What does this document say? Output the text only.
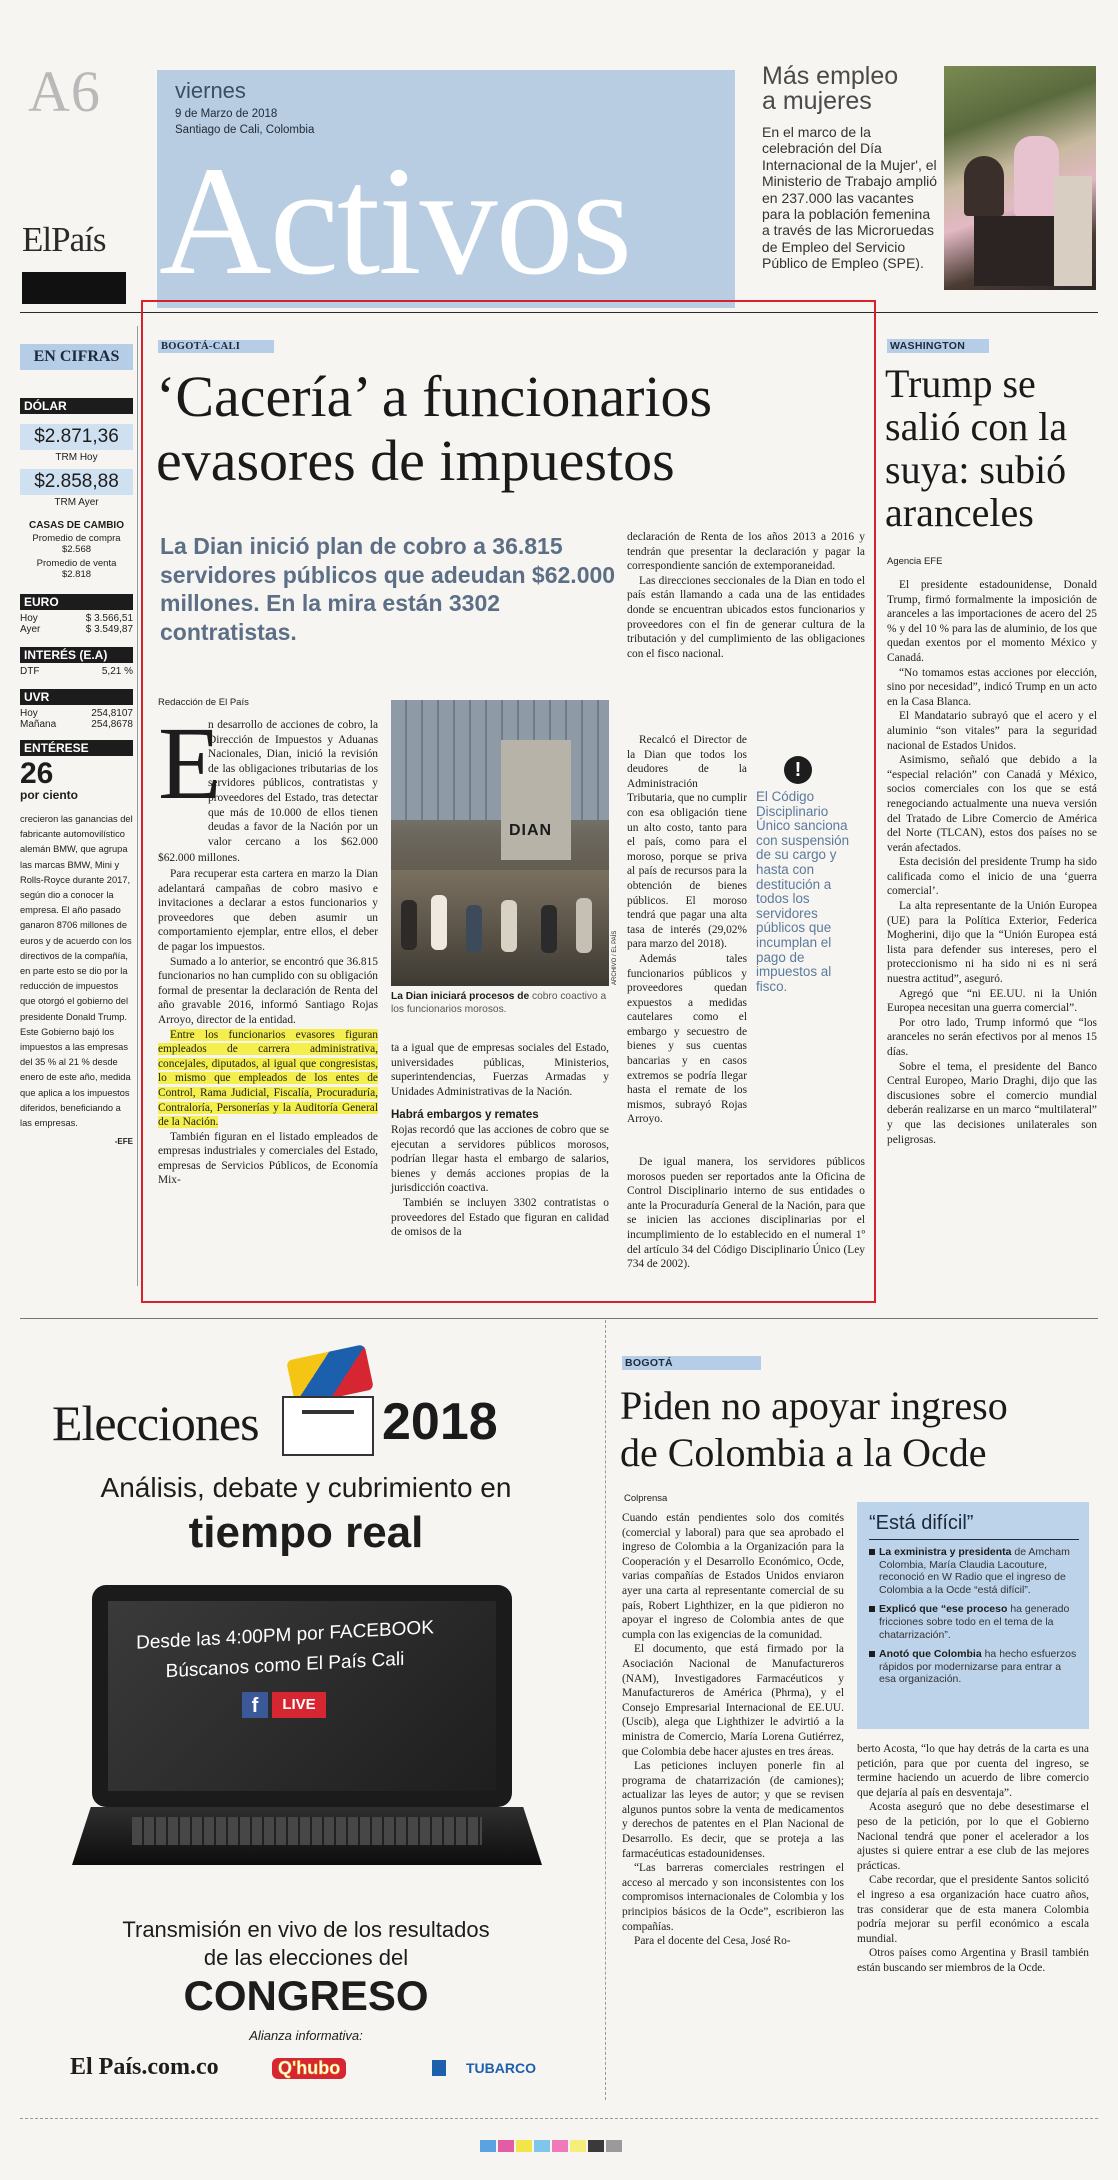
A6
ElPaís
viernes
9 de Marzo de 2018
Santiago de Cali, Colombia
Activos
Más empleo a mujeres
En el marco de la celebración del Día Internacional de la Mujer', el Ministerio de Trabajo amplió en 237.000 las vacantes para la población femenina a través de las Microruedas de Empleo del Servicio Público de Empleo (SPE).
EN CIFRAS
DÓLAR
$2.871,36
TRM Hoy
$2.858,88
TRM Ayer
CASAS DE CAMBIO
Promedio de compra
$2.568
Promedio de venta
$2.818
EURO
Hoy	$ 3.566,51
Ayer	$ 3.549,87
INTERÉS (E.A)
DTF	5,21 %
UVR
Hoy	254,8107
Mañana	254,8678
ENTÉRESE
26
por ciento
crecieron las ganancias del fabricante automovilístico alemán BMW, que agrupa las marcas BMW, Mini y Rolls-Royce durante 2017, según dio a conocer la empresa. El año pasado ganaron 8706 millones de euros y de acuerdo con los directivos de la compañía, en parte esto se dio por la reducción de impuestos que otorgó el gobierno del presidente Donald Trump. Este Gobierno bajó los impuestos a las empresas del 35 % al 21 % desde enero de este año, medida que aplica a los impuestos diferidos, beneficiando a las empresas.
-EFE
BOGOTÁ-CALI
‘Cacería’ a funcionarios
evasores de impuestos
La Dian inició plan de cobro a 36.815 servidores públicos que adeudan $62.000 millones. En la mira están 3302 contratistas.
Redacción de El País
E
n desarrollo de acciones de cobro, la Dirección de Impuestos y Aduanas Nacionales, Dian, inició la revisión de las obligaciones tributarias de los servidores públicos, contratistas y proveedores del Estado, tras detectar que más de 10.000 de ellos tienen deudas a favor de la Nación por un valor cercano a los $62.000

$62.000 millones.

Para recuperar esta cartera en marzo la Dian adelantará campañas de cobro masivo e invitaciones a declarar a estos funcionarios y proveedores que deben asumir un comportamiento ejemplar, entre ellos, el deber de pagar los impuestos.

Sumado a lo anterior, se encontró que 36.815 funcionarios no han cumplido con su obligación formal de presentar la declaración de Renta del año gravable 2016, informó Santiago Rojas Arroyo, director de la entidad.

Entre los funcionarios evasores figuran empleados de carrera administrativa, concejales, diputados, al igual que congresistas, lo mismo que empleados de los entes de Control, Rama Judicial, Fiscalía, Procuraduría, Contraloría, Personerías y la Auditoría General de la Nación.

También figuran en el listado empleados de empresas industriales y comerciales del Estado, empresas de Servicios Públicos, de Economía Mix-

DIAN
ARCHIVO / EL PAÍS
La Dian iniciará procesos de cobro coactivo a los funcionarios morosos.

ta a igual que de empresas sociales del Estado, universidades públicas, Ministerios, superintendencias, Fuerzas Armadas y Unidades Administrativas de la Nación.

Habrá embargos y remates

Rojas recordó que las acciones de cobro que se ejecutan a servidores públicos morosos, podrían llegar hasta el embargo de salarios, bienes y demás acciones propias de la jurisdicción coactiva.

También se incluyen 3302 contratistas o proveedores del Estado que figuran en calidad de omisos de la

declaración de Renta de los años 2013 a 2016 y tendrán que presentar la declaración y pagar la correspondiente sanción de extemporaneidad.

Las direcciones seccionales de la Dian en todo el país están llamando a cada una de las entidades donde se encuentran ubicados estos funcionarios y proveedores con el fin de generar cultura de la tributación y del cumplimiento de las obligaciones con el fisco nacional.

Recalcó el Director de la Dian que todos los deudores de la Administración Tributaria, que no cumplir con esa obligación tiene un alto costo, tanto para el país, como para el moroso, porque se priva al país de recursos para la obtención de bienes públicos. El moroso tendrá que pagar una alta tasa de interés (29,02% para marzo del 2018).

Además tales funcionarios públicos y proveedores quedan expuestos a medidas cautelares como el embargo y secuestro de bienes y sus cuentas bancarias y en casos extremos se podría llegar hasta el remate de los mismos, subrayó Rojas Arroyo.

!
El Código Disciplinario Único sanciona con suspensión de su cargo y hasta con destitución a todos los servidores públicos que incumplan el pago de impuestos al fisco.

De igual manera, los servidores públicos morosos pueden ser reportados ante la Oficina de Control Disciplinario interno de sus entidades o ante la Procuraduría General de la Nación, para que se inicien las acciones disciplinarias por el incumplimiento de lo establecido en el numeral 1º del artículo 34 del Código Disciplinario Único (Ley 734 de 2002).

WASHINGTON
Trump se salió con la suya: subió aranceles
Agencia EFE

El presidente estadounidense, Donald Trump, firmó formalmente la imposición de aranceles a las importaciones de acero del 25 % y del 10 % para las de aluminio, de los que quedan exentos por el momento México y Canadá.

“No tomamos estas acciones por elección, sino por necesidad”, indicó Trump en un acto en la Casa Blanca.

El Mandatario subrayó que el acero y el aluminio “son vitales” para la seguridad nacional de Estados Unidos.

Asimismo, señaló que debido a la “especial relación” con Canadá y México, socios comerciales con los que se está renegociando actualmente una nueva versión del Tratado de Libre Comercio de América del Norte (TLCAN), estos dos países no se verán afectados.

Esta decisión del presidente Trump ha sido calificada como el inicio de una ‘guerra comercial’.

La alta representante de la Unión Europea (UE) para la Política Exterior, Federica Mogherini, dijo que la “Unión Europea está lista para defender sus intereses, pero el proteccionismo ni ha sido ni es ni será nuestra actitud”, aseguró.

Agregó que “ni EE.UU. ni la Unión Europea necesitan una guerra comercial”.

Por otro lado, Trump informó que “los aranceles no serán efectivos por al menos 15 días.

Sobre el tema, el presidente del Banco Central Europeo, Mario Draghi, dijo que las discusiones sobre el comercio mundial deberán realizarse en un marco “multilateral” y que las decisiones unilaterales son peligrosas.

Elecciones 2018
Análisis, debate y cubrimiento en
tiempo real
Desde las 4:00PM por FACEBOOK
Búscanos como El País Cali
f	LIVE
Transmisión en vivo de los resultados
de las elecciones del
CONGRESO
Alianza informativa:
El País.com.co	Q'hubo	TUBARCO
BOGOTÁ
Piden no apoyar ingreso
de Colombia a la Ocde
Colprensa

Cuando están pendientes solo dos comités (comercial y laboral) para que sea aprobado el ingreso de Colombia a la Organización para la Cooperación y el Desarrollo Económico, Ocde, varias compañías de Estados Unidos enviaron ayer una carta al representante comercial de su país, Robert Lighthizer, en la que pidieron no apoyar el ingreso de Colombia antes de que cumpla con las exigencias de la comunidad.

El documento, que está firmado por la Asociación Nacional de Manufactureros (NAM), Investigadores Farmacéuticos y Manufactureros de América (Phrma), y el Consejo Empresarial Internacional de EE.UU. (Uscib), alega que Lighthizer le advirtió a la ministra de Comercio, María Lorena Gutiérrez, que Colombia debe hacer ajustes en tres áreas.

Las peticiones incluyen ponerle fin al programa de chatarrización (de camiones); actualizar las leyes de autor; y que se revisen algunos puntos sobre la venta de medicamentos y derechos de patentes en el Plan Nacional de Desarrollo. Es decir, que se proteja a las farmacéuticas estadounidenses.

“Las barreras comerciales restringen el acceso al mercado y son inconsistentes con los compromisos internacionales de Colombia y los principios básicos de la Ocde”, escribieron las compañías.

Para el docente del Cesa, José Ro-

“Está difícil”
La exministra y presidenta de Amcham Colombia, María Claudia Lacouture, reconoció en W Radio que el ingreso de Colombia a la Ocde “está difícil”.
Explicó que “ese proceso ha generado fricciones sobre todo en el tema de la chatarrización”.
Anotó que Colombia ha hecho esfuerzos rápidos por modernizarse para entrar a esa organización.

berto Acosta, “lo que hay detrás de la carta es una petición, para que por cuenta del ingreso, se termine haciendo un acuerdo de libre comercio que dejaría al país en desventaja”.

Acosta aseguró que no debe desestimarse el peso de la petición, por lo que el Gobierno Nacional tendrá que poner el acelerador a los ajustes si quiere entrar a ese club de las mejores prácticas.

Cabe recordar, que el presidente Santos solicitó el ingreso a esa organización hace cuatro años, tras considerar que de esta manera Colombia podría mejorar su perfil económico a escala mundial.

Otros países como Argentina y Brasil también están buscando ser miembros de la Ocde.
